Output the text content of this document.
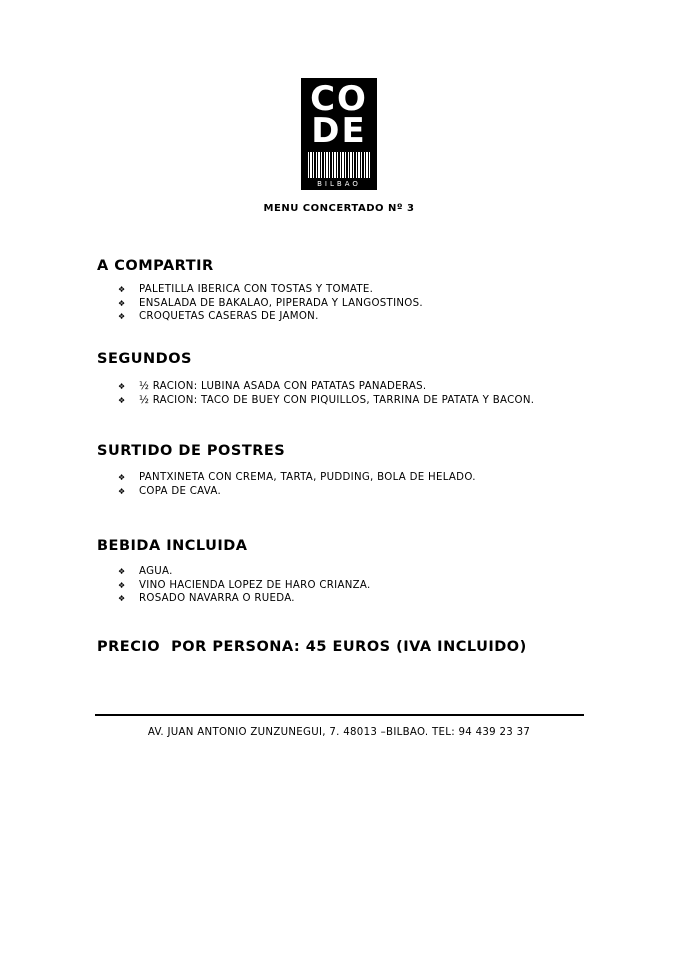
CO
DE
BILBAO
MENU CONCERTADO Nº 3
A COMPARTIR
❖ PALETILLA IBERICA CON TOSTAS Y TOMATE.
❖ ENSALADA DE BAKALAO, PIPERADA Y LANGOSTINOS.
❖ CROQUETAS CASERAS DE JAMON.
SEGUNDOS
❖ ½ RACION: LUBINA ASADA CON PATATAS PANADERAS.
❖ ½ RACION: TACO DE BUEY CON PIQUILLOS, TARRINA DE PATATA Y BACON.
SURTIDO DE POSTRES
❖ PANTXINETA CON CREMA, TARTA, PUDDING, BOLA DE HELADO.
❖ COPA DE CAVA.
BEBIDA INCLUIDA
❖ AGUA.
❖ VINO HACIENDA LOPEZ DE HARO CRIANZA.
❖ ROSADO NAVARRA O RUEDA.
PRECIO  POR PERSONA: 45 EUROS (IVA INCLUIDO)
AV. JUAN ANTONIO ZUNZUNEGUI, 7. 48013 –BILBAO. TEL: 94 439 23 37
